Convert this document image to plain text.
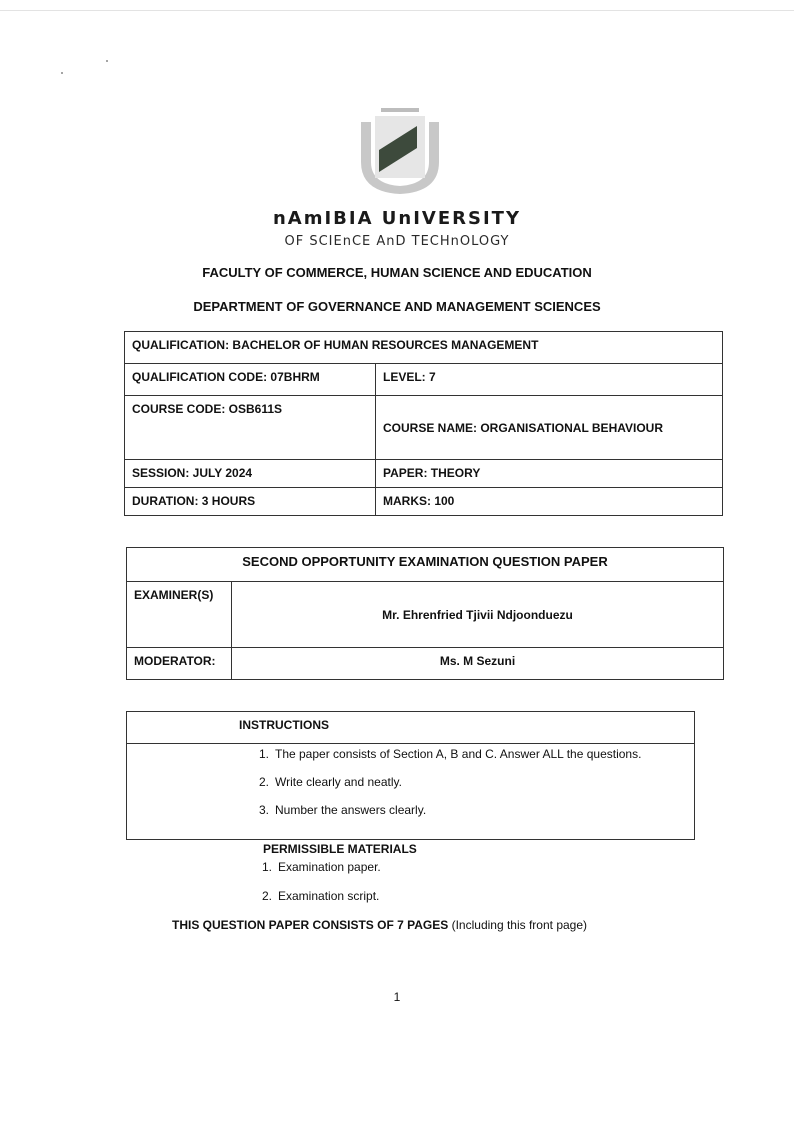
nAmIBIA UnIVERSITY
OF SCIEnCE AnD TECHnOLOGY
FACULTY OF COMMERCE, HUMAN SCIENCE AND EDUCATION
DEPARTMENT OF GOVERNANCE AND MANAGEMENT SCIENCES
QUALIFICATION: BACHELOR OF HUMAN RESOURCES MANAGEMENT	
QUALIFICATION CODE: 07BHRM	LEVEL: 7
COURSE CODE: OSB611S	COURSE NAME: ORGANISATIONAL BEHAVIOUR
SESSION: JULY 2024	PAPER: THEORY
DURATION: 3 HOURS	MARKS: 100
SECOND OPPORTUNITY EXAMINATION QUESTION PAPER	
EXAMINER(S)	Mr. Ehrenfried Tjivii Ndjoonduezu
MODERATOR:	Ms. M Sezuni
INSTRUCTIONS

1. The paper consists of Section A, B and C. Answer ALL the questions.
2. Write clearly and neatly.
3. Number the answers clearly.
PERMISSIBLE MATERIALS
1. Examination paper.
2. Examination script.
THIS QUESTION PAPER CONSISTS OF 7 PAGES (Including this front page)
1
